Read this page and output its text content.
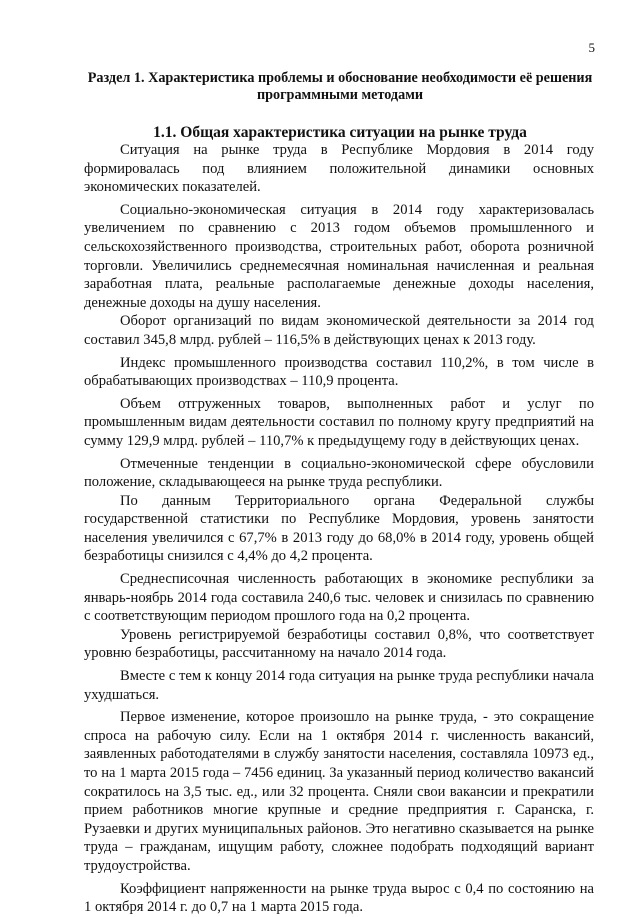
5
Раздел 1. Характеристика проблемы и обоснование необходимости её решения программными методами
1.1. Общая характеристика ситуации на рынке труда

Ситуация на рынке труда в Республике Мордовия в 2014 году формировалась под влиянием положительной динамики основных экономических показателей.

Социально-экономическая ситуация в 2014 году характеризовалась увеличением по сравнению с 2013 годом объемов промышленного и сельскохозяйственного производства, строительных работ, оборота розничной торговли. Увеличились среднемесячная номинальная начисленная и реальная заработная плата, реальные располагаемые денежные доходы населения, денежные доходы на душу населения.

Оборот организаций по видам экономической деятельности за 2014 год составил 345,8 млрд. рублей – 116,5% в действующих ценах к 2013 году.

Индекс промышленного производства составил 110,2%, в том числе в обрабатывающих производствах – 110,9 процента.

Объем отгруженных товаров, выполненных работ и услуг по промышленным видам деятельности составил по полному кругу предприятий на сумму 129,9 млрд. рублей – 110,7% к предыдущему году в действующих ценах.

Отмеченные тенденции в социально-экономической сфере обусловили положение, складывающееся на рынке труда республики.

По данным Территориального органа Федеральной службы государственной статистики по Республике Мордовия, уровень занятости населения увеличился с 67,7% в 2013 году до 68,0% в 2014 году, уровень общей безработицы снизился с 4,4% до 4,2 процента.

Среднесписочная численность работающих в экономике республики за январь-ноябрь 2014 года составила 240,6 тыс. человек и снизилась по сравнению с соответствующим периодом прошлого года на 0,2 процента.

Уровень регистрируемой безработицы составил 0,8%, что соответствует уровню безработицы, рассчитанному на начало 2014 года.

Вместе с тем к концу 2014 года ситуация на рынке труда республики начала ухудшаться.

Первое изменение, которое произошло на рынке труда, - это сокращение спроса на рабочую силу. Если на 1 октября 2014 г. численность вакансий, заявленных работодателями в службу занятости населения, составляла 10973 ед., то на 1 марта 2015 года – 7456 единиц. За указанный период количество вакансий сократилось на 3,5 тыс. ед., или 32 процента. Сняли свои вакансии и прекратили прием работников многие крупные и средние предприятия г. Саранска, г. Рузаевки и других муниципальных районов. Это негативно сказывается на рынке труда – гражданам, ищущим работу, сложнее подобрать подходящий вариант трудоустройства.

Коэффициент напряженности на рынке труда вырос с 0,4 по состоянию на 1 октября 2014 г. до 0,7 на 1 марта 2015 года.
